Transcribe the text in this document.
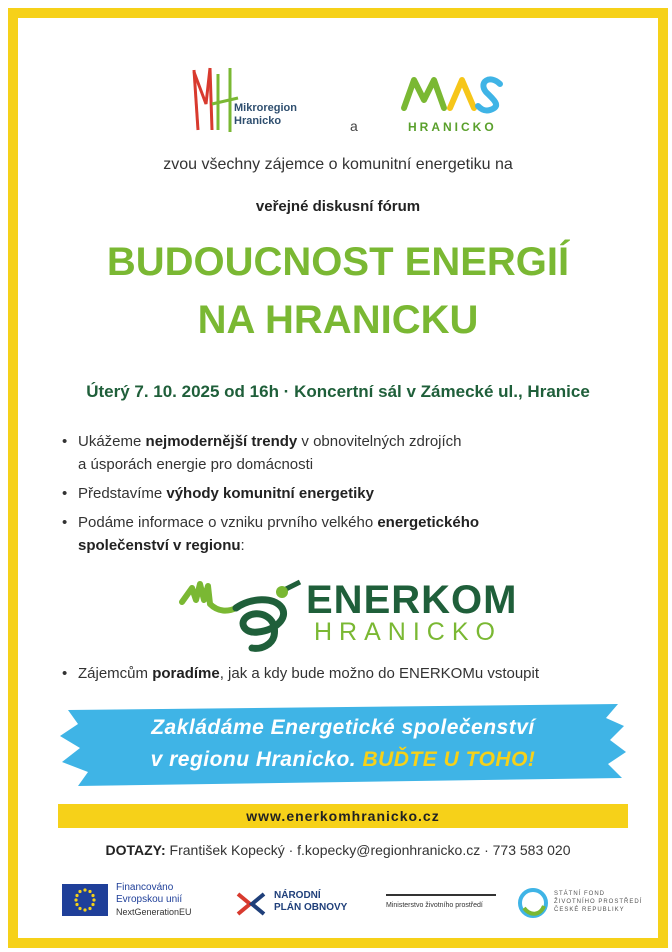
Mikroregion
Hranicko	a	HRANICKO
zvou všechny zájemce o komunitní energetiku na
veřejné diskusní fórum
BUDOUCNOST ENERGIÍ
NA HRANICKU
Úterý 7. 10. 2025 od 16h · Koncertní sál v Zámecké ul., Hranice
• Ukážeme nejmodernější trendy v obnovitelných zdrojích
a úsporách energie pro domácnosti
• Představíme výhody komunitní energetiky
• Podáme informace o vzniku prvního velkého energetického
společenství v regionu:
ENERKOM
HRANICKO
• Zájemcům poradíme, jak a kdy bude možno do ENERKOMu vstoupit
Zakládáme Energetické společenství
v regionu Hranicko. BUĎTE U TOHO!
www.enerkomhranicko.cz
DOTAZY: František Kopecký · f.kopecky@regionhranicko.cz · 773 583 020
Financováno
Evropskou unií
NextGenerationEU
NÁRODNÍ
PLÁN OBNOVY	Ministerstvo životního prostředí
STÁTNÍ FOND
ŽIVOTNÍHO PROSTŘEDÍ
ČESKÉ REPUBLIKY
